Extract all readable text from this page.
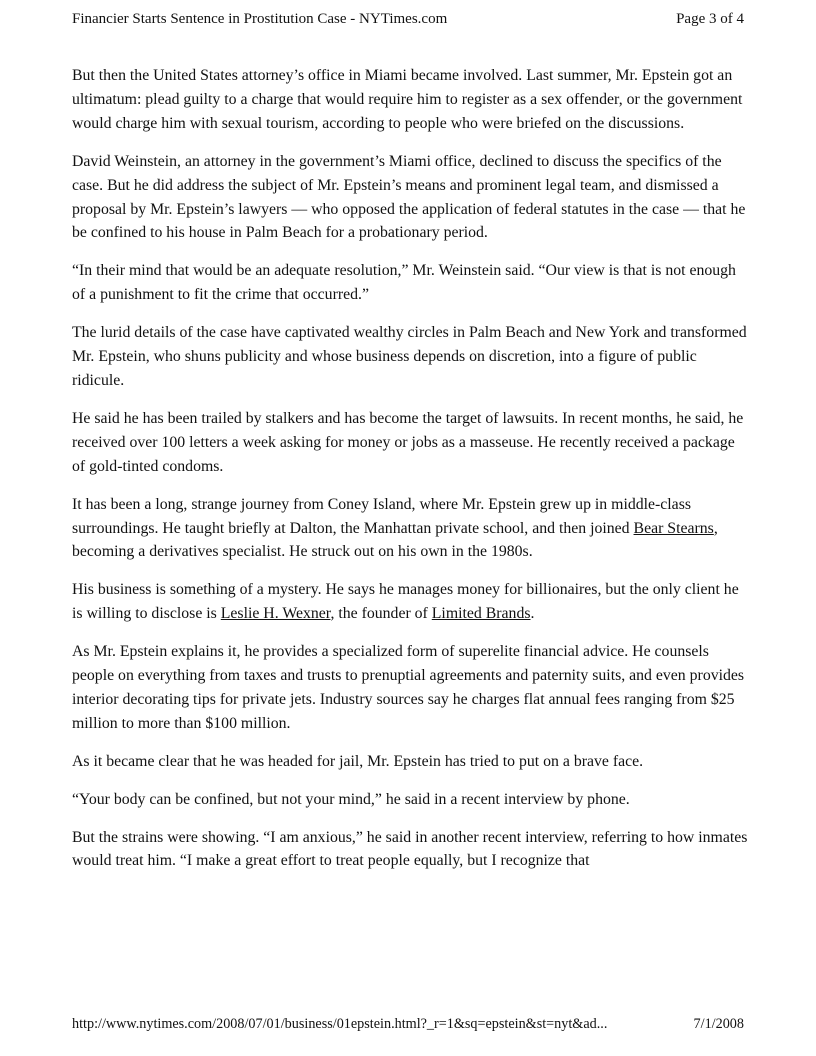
Financier Starts Sentence in Prostitution Case - NYTimes.com	Page 3 of 4

But then the United States attorney’s office in Miami became involved. Last summer, Mr. Epstein got an ultimatum: plead guilty to a charge that would require him to register as a sex offender, or the government would charge him with sexual tourism, according to people who were briefed on the discussions.

David Weinstein, an attorney in the government’s Miami office, declined to discuss the specifics of the case. But he did address the subject of Mr. Epstein’s means and prominent legal team, and dismissed a proposal by Mr. Epstein’s lawyers — who opposed the application of federal statutes in the case — that he be confined to his house in Palm Beach for a probationary period.

“In their mind that would be an adequate resolution,” Mr. Weinstein said. “Our view is that is not enough of a punishment to fit the crime that occurred.”

The lurid details of the case have captivated wealthy circles in Palm Beach and New York and transformed Mr. Epstein, who shuns publicity and whose business depends on discretion, into a figure of public ridicule.

He said he has been trailed by stalkers and has become the target of lawsuits. In recent months, he said, he received over 100 letters a week asking for money or jobs as a masseuse. He recently received a package of gold-tinted condoms.

It has been a long, strange journey from Coney Island, where Mr. Epstein grew up in middle-class surroundings. He taught briefly at Dalton, the Manhattan private school, and then joined Bear Stearns, becoming a derivatives specialist. He struck out on his own in the 1980s.

His business is something of a mystery. He says he manages money for billionaires, but the only client he is willing to disclose is Leslie H. Wexner, the founder of Limited Brands.

As Mr. Epstein explains it, he provides a specialized form of superelite financial advice. He counsels people on everything from taxes and trusts to prenuptial agreements and paternity suits, and even provides interior decorating tips for private jets. Industry sources say he charges flat annual fees ranging from $25 million to more than $100 million.

As it became clear that he was headed for jail, Mr. Epstein has tried to put on a brave face.

“Your body can be confined, but not your mind,” he said in a recent interview by phone.

But the strains were showing. “I am anxious,” he said in another recent interview, referring to how inmates would treat him. “I make a great effort to treat people equally, but I recognize that

http://www.nytimes.com/2008/07/01/business/01epstein.html?_r=1&sq=epstein&st=nyt&ad...	7/1/2008
